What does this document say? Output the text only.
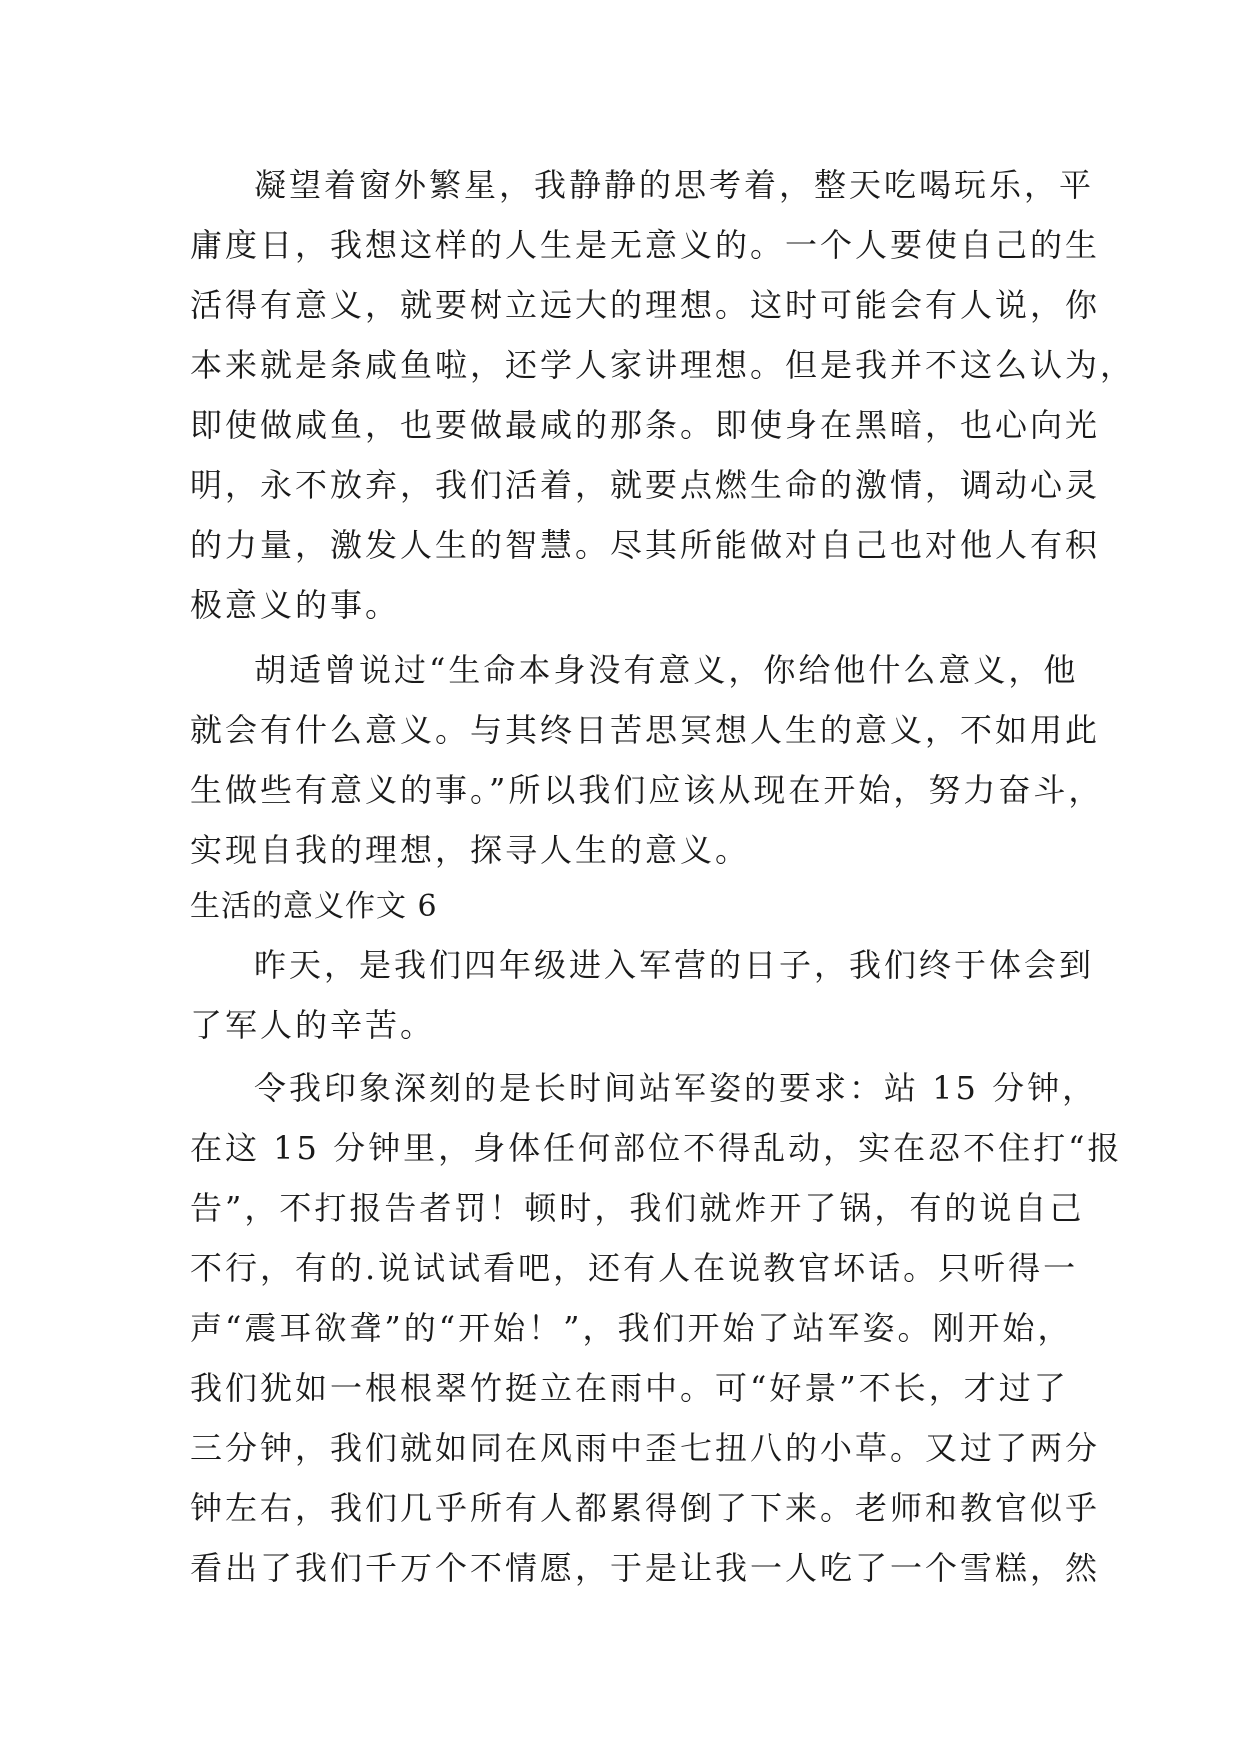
凝望着窗外繁星，我静静的思考着，整天吃喝玩乐，平
庸度日，我想这样的人生是无意义的。一个人要使自己的生
活得有意义，就要树立远大的理想。这时可能会有人说，你
本来就是条咸鱼啦，还学人家讲理想。但是我并不这么认为，
即使做咸鱼，也要做最咸的那条。即使身在黑暗，也心向光
明，永不放弃，我们活着，就要点燃生命的激情，调动心灵
的力量，激发人生的智慧。尽其所能做对自己也对他人有积
极意义的事。
胡适曾说过“生命本身没有意义，你给他什么意义，他
就会有什么意义。与其终日苦思冥想人生的意义，不如用此
生做些有意义的事。”所以我们应该从现在开始，努力奋斗，
实现自我的理想，探寻人生的意义。
生活的意义作文 6
昨天，是我们四年级进入军营的日子，我们终于体会到
了军人的辛苦。
令我印象深刻的是长时间站军姿的要求：站 15 分钟，
在这 15 分钟里，身体任何部位不得乱动，实在忍不住打“报
告”，不打报告者罚！顿时，我们就炸开了锅，有的说自己
不行，有的.说试试看吧，还有人在说教官坏话。只听得一
声“震耳欲聋”的“开始！”，我们开始了站军姿。刚开始，
我们犹如一根根翠竹挺立在雨中。可“好景”不长，才过了
三分钟，我们就如同在风雨中歪七扭八的小草。又过了两分
钟左右，我们几乎所有人都累得倒了下来。老师和教官似乎
看出了我们千万个不情愿，于是让我一人吃了一个雪糕，然
